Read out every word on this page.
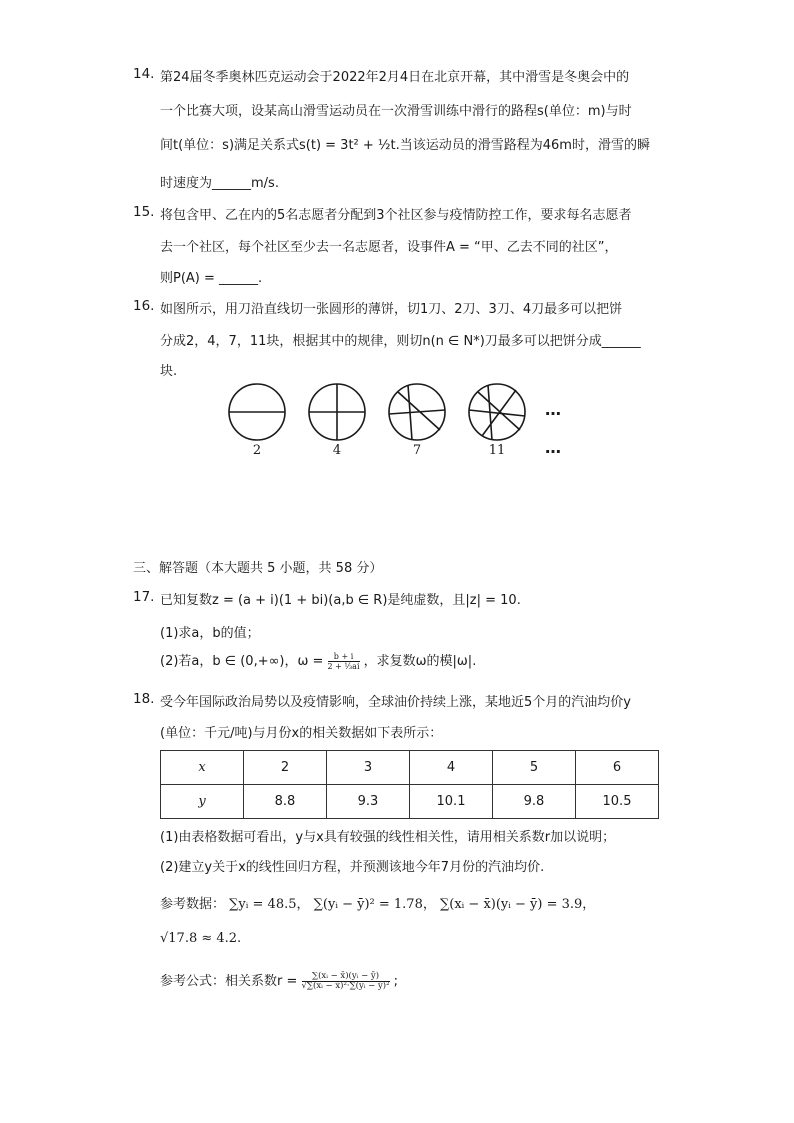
14. 第24届冬季奥林匹克运动会于2022年2月4日在北京开幕，其中滑雪是冬奥会中的
一个比赛大项，设某高山滑雪运动员在一次滑雪训练中滑行的路程s(单位：m)与时
间t(单位：s)满足关系式s(t) = 3t² + ½t.当该运动员的滑雪路程为46m时，滑雪的瞬
时速度为______m/s.
15. 将包含甲、乙在内的5名志愿者分配到3个社区参与疫情防控工作，要求每名志愿者
去一个社区，每个社区至少去一名志愿者，设事件A = “甲、乙去不同的社区”，
则P(A) = ______.
16. 如图所示，用刀沿直线切一张圆形的薄饼，切1刀、2刀、3刀、4刀最多可以把饼
分成2，4，7，11块，根据其中的规律，则切n(n ∈ N*)刀最多可以把饼分成______
块.
2	4	7	11
…
…
三、解答题（本大题共 5 小题，共 58 分）
17. 已知复数z = (a + i)(1 + bi)(a,b ∈ R)是纯虚数，且|z| = 10.
(1)求a，b的值；
(2)若a，b ∈ (0,+∞)，$\omega = \frac{b + i}{\text{2 + ⅓ai}}$ ，求复数ω的模|ω|.
18. 受今年国际政治局势以及疫情影响，全球油价持续上涨，某地近5个月的汽油均价y
(单位：千元/吨)与月份x的相关数据如下表所示：
x	2	3	4	5	6
y	8.8	9.3	10.1	9.8	10.5
(1)由表格数据可看出，y与x具有较强的线性相关性，请用相关系数r加以说明；
(2)建立y关于x的线性回归方程，并预测该地今年7月份的汽油均价.
参考数据： ∑yᵢ = 48.5， ∑(yᵢ − ȳ)² = 1.78， ∑(xᵢ − x̄)(yᵢ − ȳ) = 3.9，
√17.8 ≈ 4.2.
参考公式：相关系数$r = \frac{\text{∑(xᵢ − x̄)(yᵢ − ȳ)}}{\text{√∑(xᵢ − x̄)²·∑(yᵢ − ȳ)²}}$ ;
